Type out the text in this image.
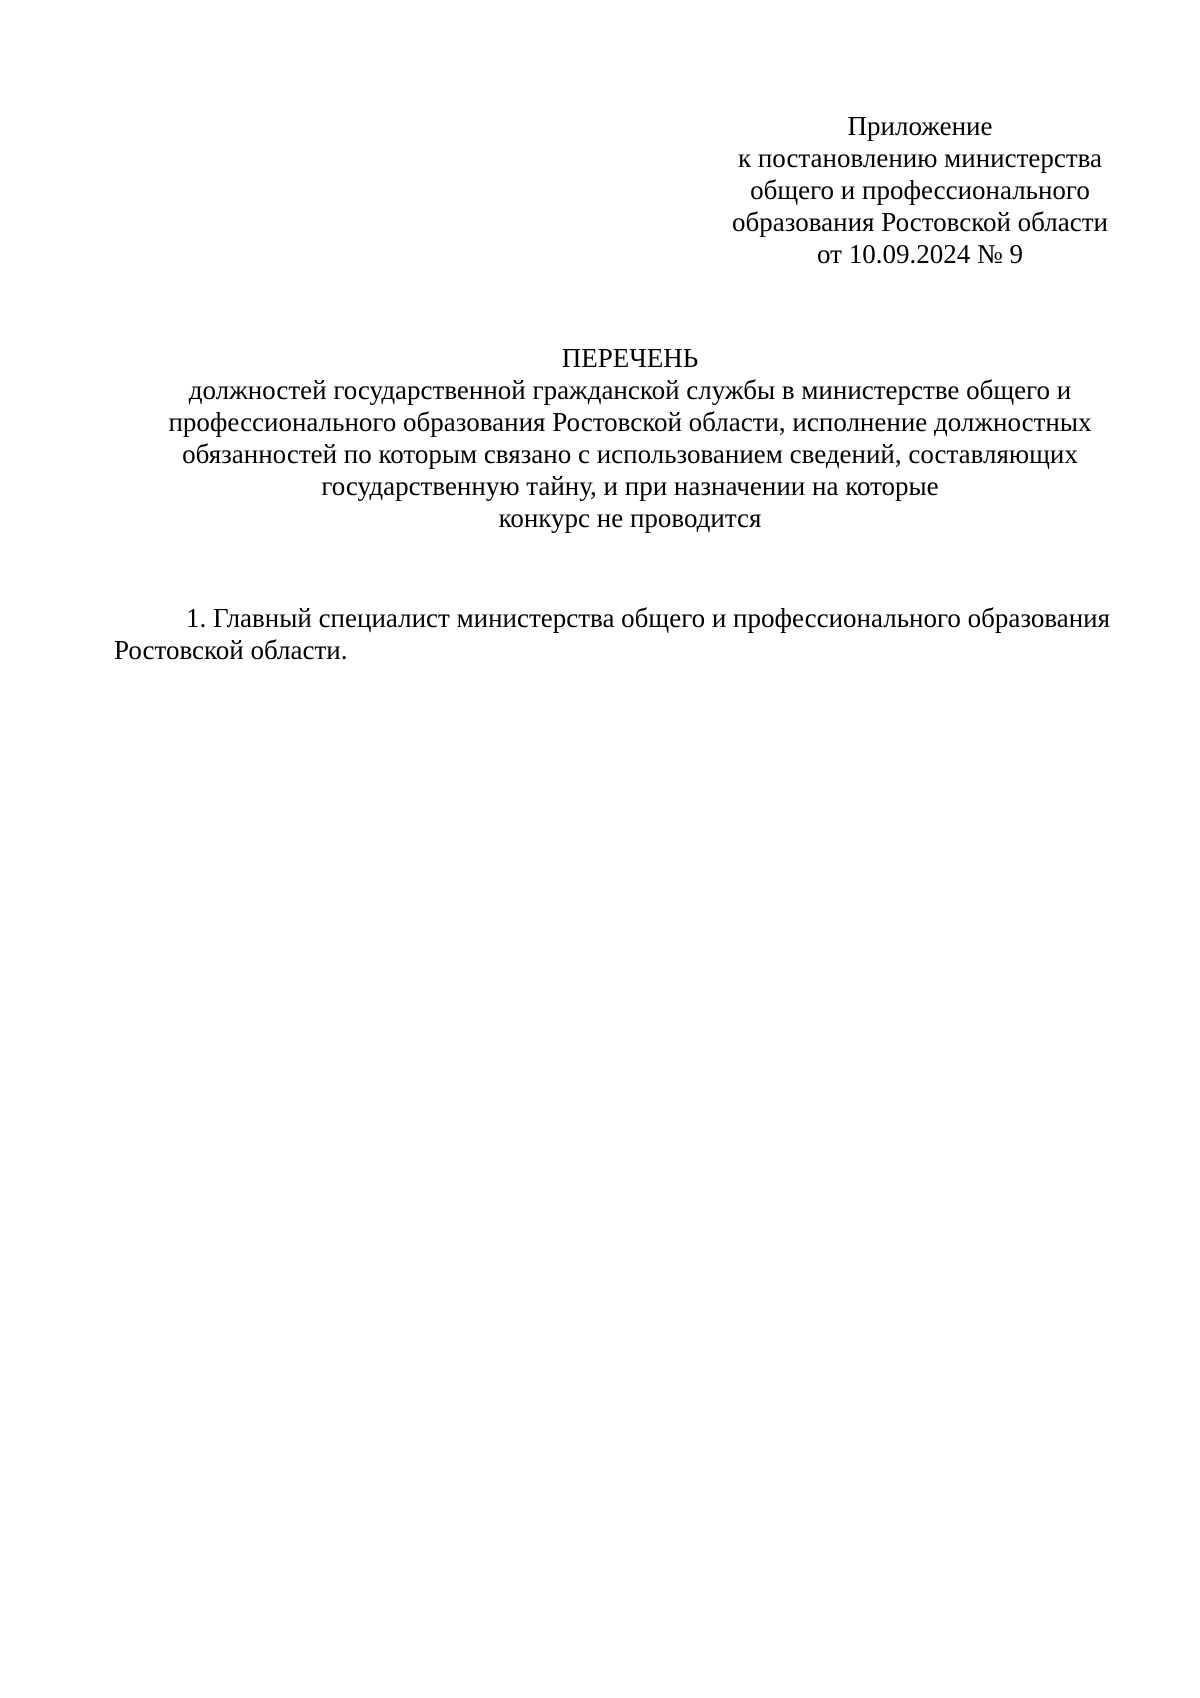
Приложение
к постановлению министерства
общего и профессионального
образования Ростовской области
от 10.09.2024 № 9
ПЕРЕЧЕНЬ
должностей государственной гражданской службы в министерстве общего и
профессионального образования Ростовской области, исполнение должностных
обязанностей по которым связано с использованием сведений, составляющих
государственную тайну, и при назначении на которые
конкурс не проводится
1. Главный специалист министерства общего и профессионального образования
Ростовской области.
